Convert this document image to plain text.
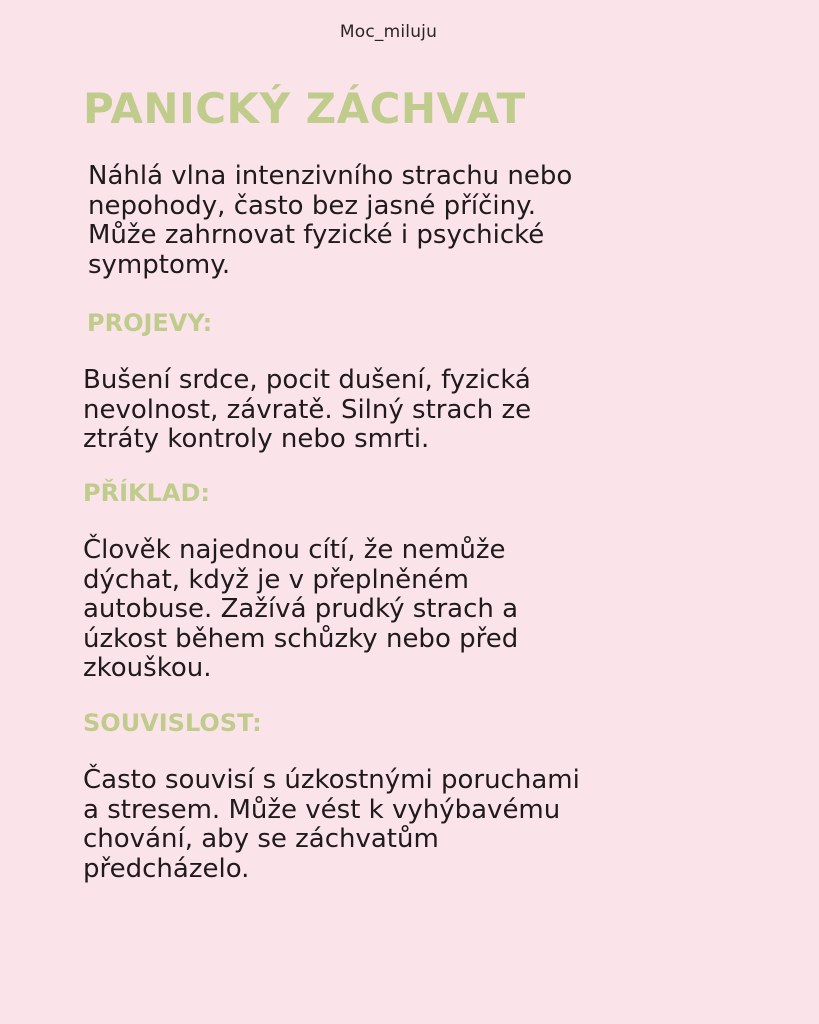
Moc_miluju
PANICKÝ ZÁCHVAT

Náhlá vlna intenzivního strachu nebo
nepohody, často bez jasné příčiny.
Může zahrnovat fyzické i psychické
symptomy.

PROJEVY:

Bušení srdce, pocit dušení, fyzická
nevolnost, závratě. Silný strach ze
ztráty kontroly nebo smrti.

PŘÍKLAD:

Člověk najednou cítí, že nemůže
dýchat, když je v přeplněném
autobuse. Zažívá prudký strach a
úzkost během schůzky nebo před
zkouškou.

SOUVISLOST:

Často souvisí s úzkostnými poruchami
a stresem. Může vést k vyhýbavému
chování, aby se záchvatům
předcházelo.
